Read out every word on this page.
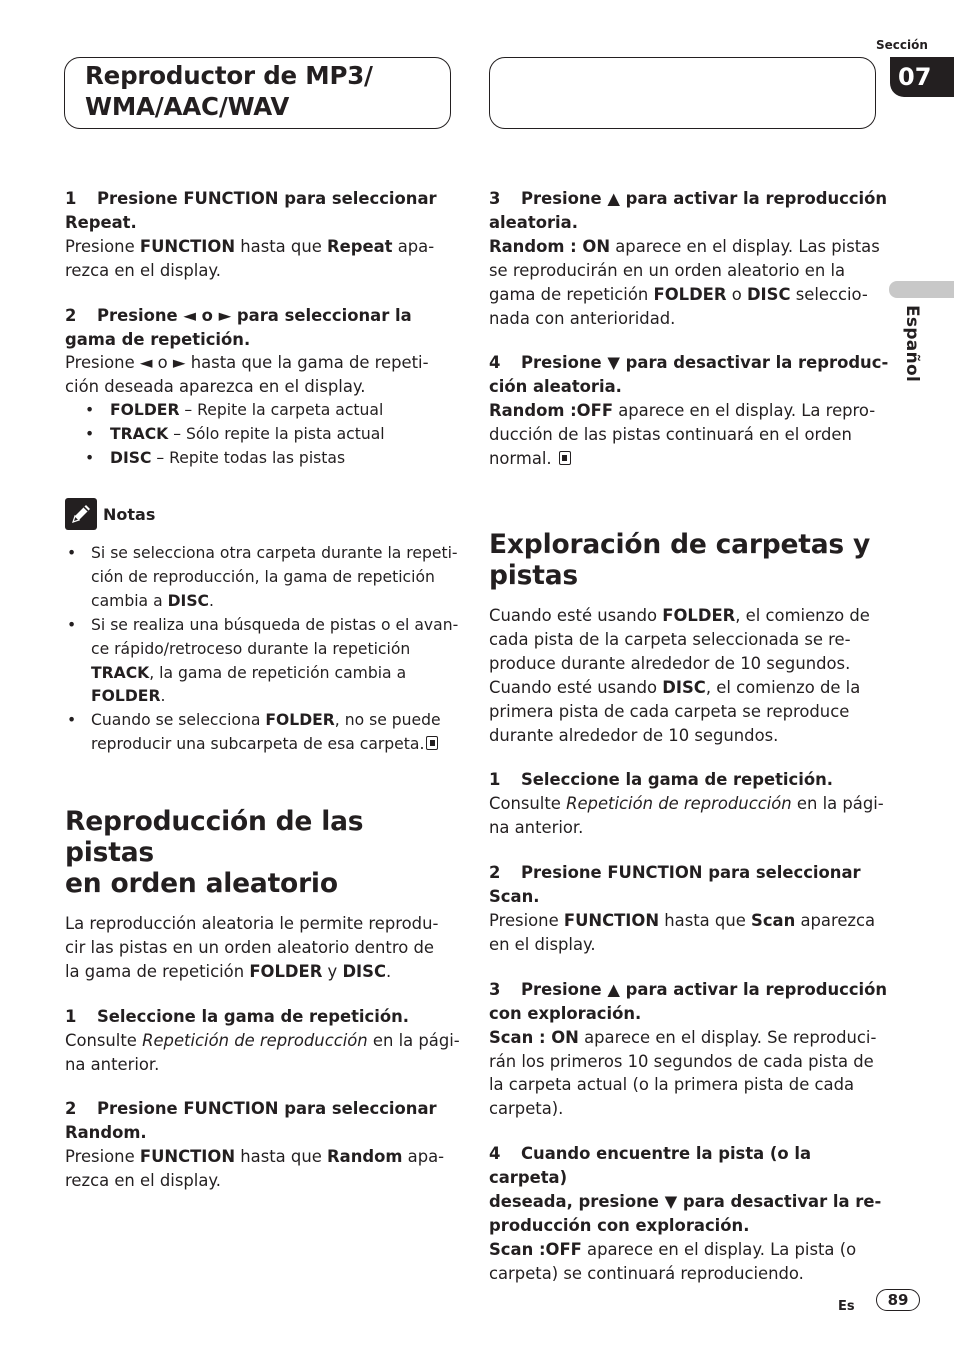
Reproductor de MP3/
WMA/AAC/WAV
Sección
07
Español

1 Presione FUNCTION para seleccionar
Repeat.

Presione FUNCTION hasta que Repeat apa-
rezca en el display.

2 Presione ◄ o ► para seleccionar la
gama de repetición.

Presione ◄ o ► hasta que la gama de repeti-
ción deseada aparezca en el display.

• FOLDER – Repite la carpeta actual
• TRACK – Sólo repite la pista actual
• DISC – Repite todas las pistas
Notas
• Si se selecciona otra carpeta durante la repeti-
ción de reproducción, la gama de repetición
cambia a DISC.
• Si se realiza una búsqueda de pistas o el avan-
ce rápido/retroceso durante la repetición
TRACK, la gama de repetición cambia a
FOLDER.
• Cuando se selecciona FOLDER, no se puede
reproducir una subcarpeta de esa carpeta.
Reproducción de las pistas
en orden aleatorio

La reproducción aleatoria le permite reprodu-
cir las pistas en un orden aleatorio dentro de
la gama de repetición FOLDER y DISC.

1 Seleccione la gama de repetición.

Consulte Repetición de reproducción en la pági-
na anterior.

2 Presione FUNCTION para seleccionar
Random.

Presione FUNCTION hasta que Random apa-
rezca en el display.

3 Presione ▲ para activar la reproducción
aleatoria.

Random : ON aparece en el display. Las pistas
se reproducirán en un orden aleatorio en la
gama de repetición FOLDER o DISC seleccio-
nada con anterioridad.

4 Presione ▼ para desactivar la reproduc-
ción aleatoria.

Random :OFF aparece en el display. La repro-
ducción de las pistas continuará en el orden
normal.

Exploración de carpetas y
pistas

Cuando esté usando FOLDER, el comienzo de
cada pista de la carpeta seleccionada se re-
produce durante alrededor de 10 segundos.
Cuando esté usando DISC, el comienzo de la
primera pista de cada carpeta se reproduce
durante alrededor de 10 segundos.

1 Seleccione la gama de repetición.

Consulte Repetición de reproducción en la pági-
na anterior.

2 Presione FUNCTION para seleccionar
Scan.

Presione FUNCTION hasta que Scan aparezca
en el display.

3 Presione ▲ para activar la reproducción
con exploración.

Scan : ON aparece en el display. Se reproduci-
rán los primeros 10 segundos de cada pista de
la carpeta actual (o la primera pista de cada
carpeta).

4 Cuando encuentre la pista (o la carpeta)
deseada, presione ▼ para desactivar la re-
producción con exploración.

Scan :OFF aparece en el display. La pista (o
carpeta) se continuará reproduciendo.

Es	89
